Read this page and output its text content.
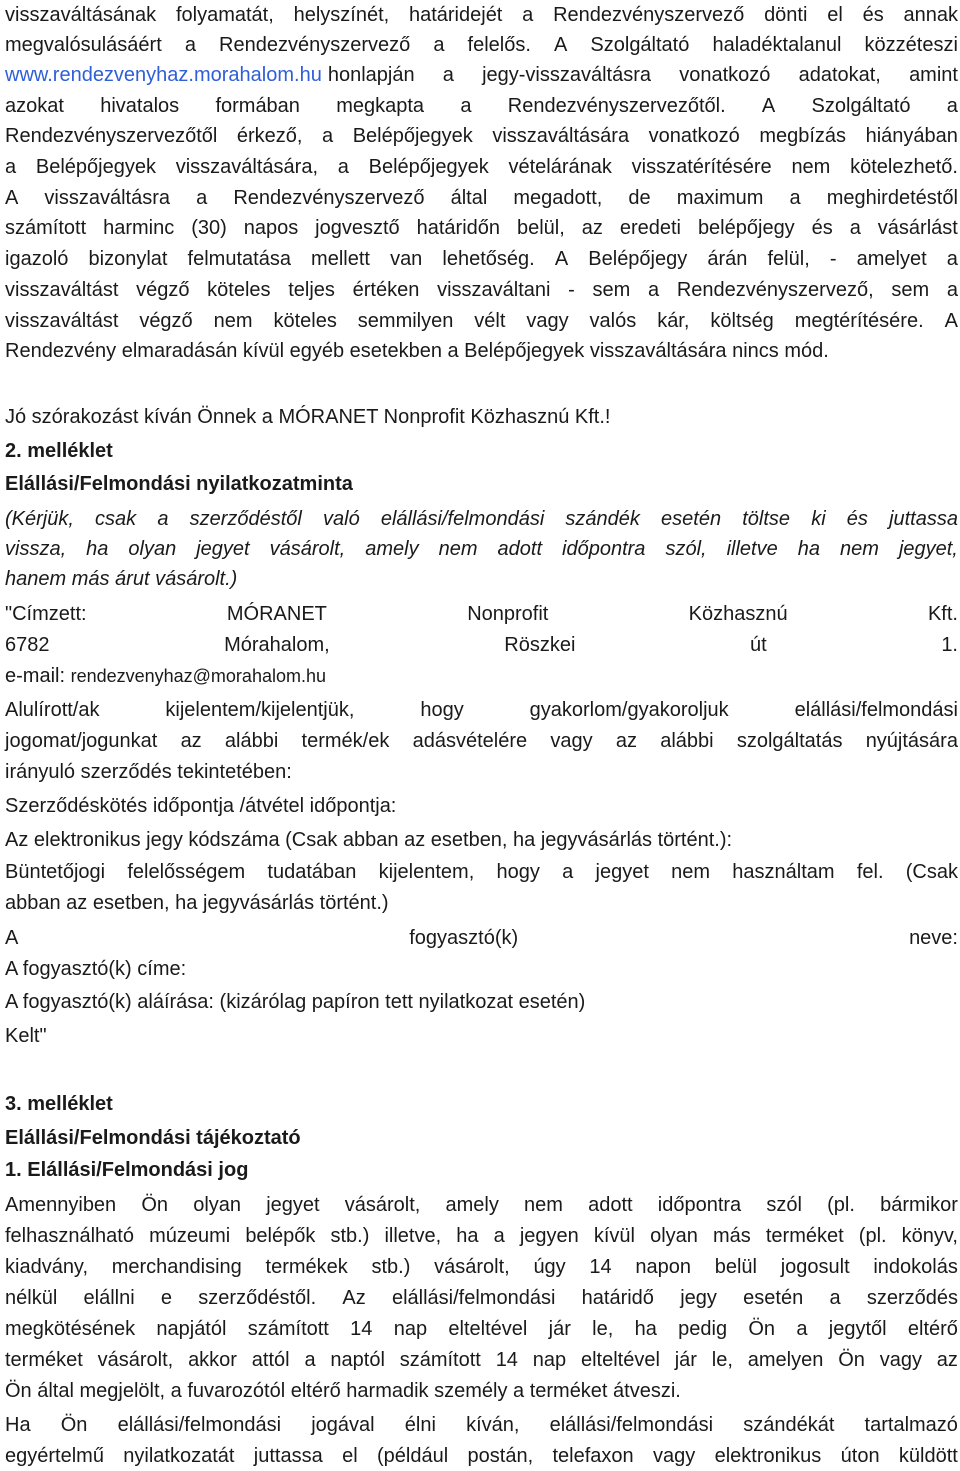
visszaváltásának folyamatát, helyszínét, határidejét a Rendezvényszervező dönti el és annak
megvalósulásáért a Rendezvényszervező a felelős. A Szolgáltató haladéktalanul közzéteszi
www.rendezvenyhaz.morahalom.hu honlapján a jegy-visszaváltásra vonatkozó adatokat, amint
azokat hivatalos formában megkapta a Rendezvényszervezőtől. A Szolgáltató a
Rendezvényszervezőtől érkező, a Belépőjegyek visszaváltására vonatkozó megbízás hiányában
a Belépőjegyek visszaváltására, a Belépőjegyek vételárának visszatérítésére nem kötelezhető.
A visszaváltásra a Rendezvényszervező által megadott, de maximum a meghirdetéstől
számított harminc (30) napos jogvesztő határidőn belül, az eredeti belépőjegy és a vásárlást
igazoló bizonylat felmutatása mellett van lehetőség. A Belépőjegy árán felül, - amelyet a
visszaváltást végző köteles teljes értéken visszaváltani - sem a Rendezvényszervező, sem a
visszaváltást végző nem köteles semmilyen vélt vagy valós kár, költség megtérítésére. A
Rendezvény elmaradásán kívül egyéb esetekben a Belépőjegyek visszaváltására nincs mód.
Jó szórakozást kíván Önnek a MÓRANET Nonprofit Közhasznú Kft.!
2. melléklet
Elállási/Felmondási nyilatkozatminta
(Kérjük, csak a szerződéstől való elállási/felmondási szándék esetén töltse ki és juttassa
vissza, ha olyan jegyet vásárolt, amely nem adott időpontra szól, illetve ha nem jegyet,
hanem más árut vásárolt.)
"Címzett:	MÓRANET	Nonprofit	Közhasznú	Kft.
6782	Mórahalom,	Röszkei	út	1.
e-mail: rendezvenyhaz@morahalom.hu
Alulírott/ak	kijelentem/kijelentjük,	hogy	gyakorlom/gyakoroljuk	elállási/felmondási
jogomat/jogunkat az alábbi termék/ek adásvételére vagy az alábbi szolgáltatás nyújtására
irányuló szerződés tekintetében:
Szerződéskötés időpontja /átvétel időpontja:
Az elektronikus jegy kódszáma (Csak abban az esetben, ha jegyvásárlás történt.):
Büntetőjogi felelősségem tudatában kijelentem, hogy a jegyet nem használtam fel. (Csak
abban az esetben, ha jegyvásárlás történt.)
A	fogyasztó(k)	neve:
A fogyasztó(k) címe:
A fogyasztó(k) aláírása: (kizárólag papíron tett nyilatkozat esetén)
Kelt"
3. melléklet
Elállási/Felmondási tájékoztató
1. Elállási/Felmondási jog
Amennyiben Ön olyan jegyet vásárolt, amely nem adott időpontra szól (pl. bármikor
felhasználható múzeumi belépők stb.) illetve, ha a jegyen kívül olyan más terméket (pl. könyv,
kiadvány, merchandising termékek stb.) vásárolt, úgy 14 napon belül jogosult indokolás
nélkül elállni e szerződéstől. Az elállási/felmondási határidő jegy esetén a szerződés
megkötésének napjától számított 14 nap elteltével jár le, ha pedig Ön a jegytől eltérő
terméket vásárolt, akkor attól a naptól számított 14 nap elteltével jár le, amelyen Ön vagy az
Ön által megjelölt, a fuvarozótól eltérő harmadik személy a terméket átveszi.
Ha Ön elállási/felmondási jogával élni kíván, elállási/felmondási szándékát tartalmazó
egyértelmű nyilatkozatát juttassa el (például postán, telefaxon vagy elektronikus úton küldött
